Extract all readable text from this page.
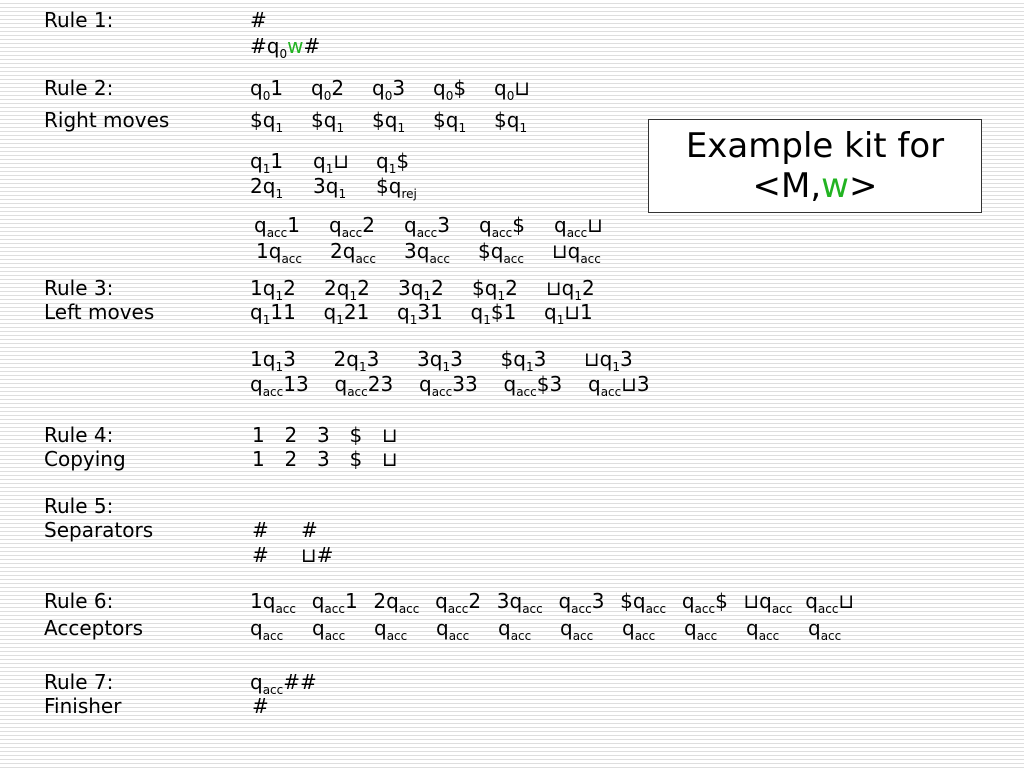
Rule 1:
Rule 2:
Right moves
Rule 3:
Left moves
Rule 4:
Copying
Rule 5:
Separators
Rule 6:
Acceptors
Rule 7:
Finisher
#
$\#q_0w\#$
$q_01$ $q_02$ $q_03$ $q_0\$$ $q_0⊔$
$\$q_1$ $\$q_1$ $\$q_1$ $\$q_1$ $\$q_1$
$q_11$ $q_1⊔$ $q_1\$$
$2q_1$ $3q_1$ $\$q_{rej}$
$q_{acc}1$ $q_{acc}2$ $q_{acc}3$ $q_{acc}\$$ $q_{acc}⊔$
$1q_{acc}$ $2q_{acc}$ $3q_{acc}$ $\$q_{acc}$ $⊔q_{acc}$
$1q_12$ $2q_12$ $3q_12$ $\$q_12$ $⊔q_12$
$q_111$ $q_121$ $q_131$ $q_1\$1$ $q_1⊔1$
$1q_13$ $2q_13$ $3q_13$ $\$q_13$ $⊔q_13$
$q_{acc}13$ $q_{acc}23$ $q_{acc}33$ $q_{acc}\$3$ $q_{acc}⊔3$
1 2 3 $ ⊔
1 2 3 $ ⊔
# #
# ⊔#
$1q_{acc}$ $q_{acc}1$ $2q_{acc}$ $q_{acc}2$ $3q_{acc}$ $q_{acc}3$ $\$q_{acc}$ $q_{acc}\$$ $⊔q_{acc}$ $q_{acc}⊔$
$q_{acc}$ $q_{acc}$ $q_{acc}$ $q_{acc}$ $q_{acc}$ $q_{acc}$ $q_{acc}$ $q_{acc}$ $q_{acc}$ $q_{acc}$
$q_{acc}\#\#$
#
Example kit for
<M,w>
